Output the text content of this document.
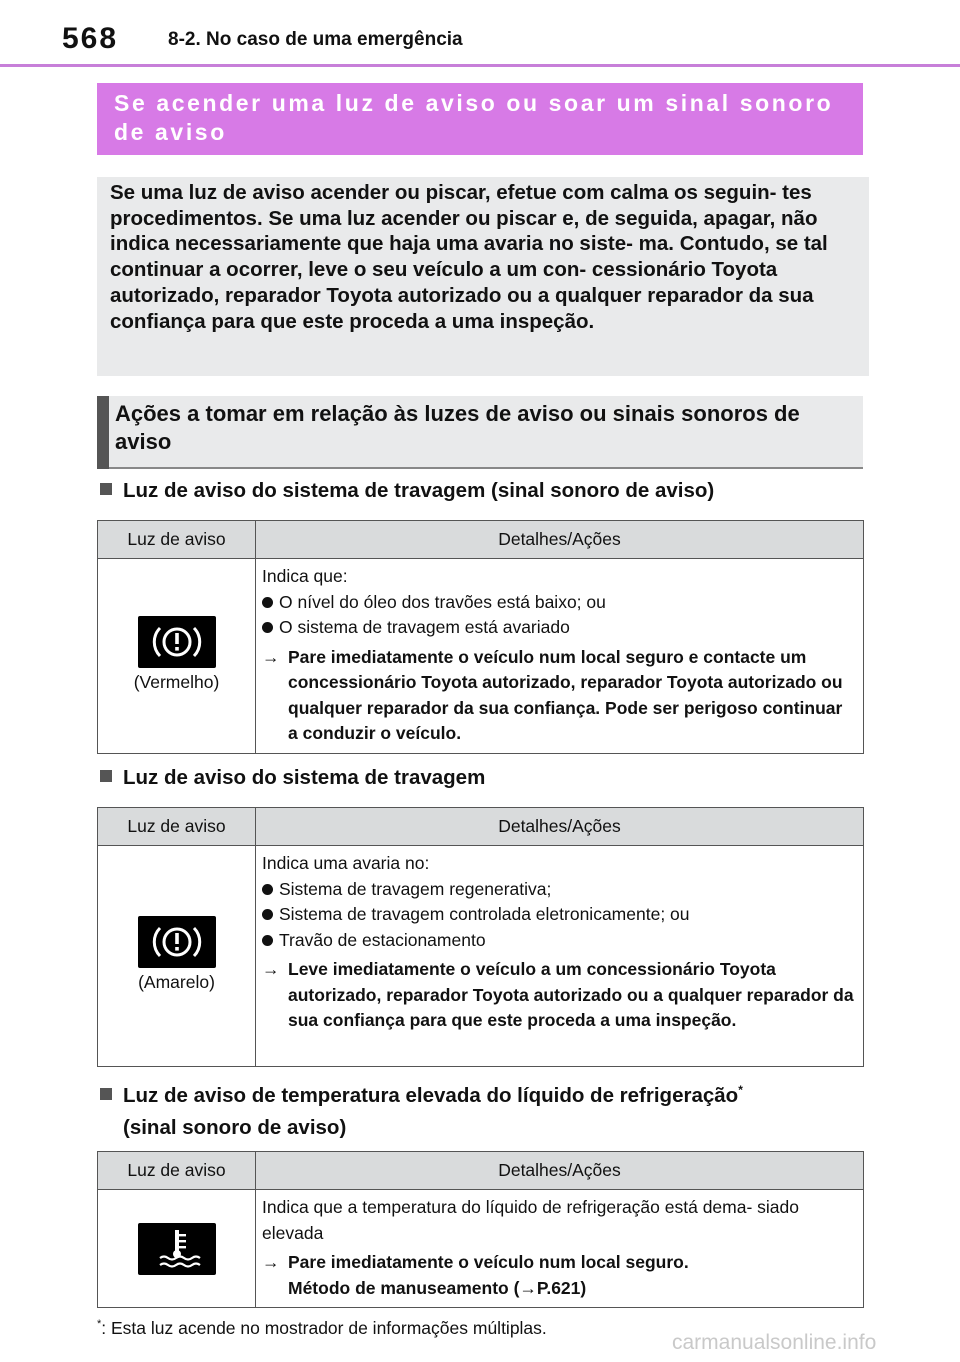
568	8-2. No caso de uma emergência
Se acender uma luz de aviso ou soar um sinal sonoro de aviso
Se uma luz de aviso acender ou piscar, efetue com calma os seguin- tes procedimentos. Se uma luz acender ou piscar e, de seguida, apagar, não indica necessariamente que haja uma avaria no siste- ma. Contudo, se tal continuar a ocorrer, leve o seu veículo a um con- cessionário Toyota autorizado, reparador Toyota autorizado ou a qualquer reparador da sua confiança para que este proceda a uma inspeção.
Ações a tomar em relação às luzes de aviso ou sinais sonoros de aviso
Luz de aviso do sistema de travagem (sinal sonoro de aviso)
Luz de aviso	Detalhes/Ações

(Vermelho)	Indica que:
O nível do óleo dos travões está baixo; ou
O sistema de travagem está avariado
→ Pare imediatamente o veículo num local seguro e contacte um concessionário Toyota autorizado, reparador Toyota autorizado ou qualquer reparador da sua confiança. Pode ser perigoso continuar a conduzir o veículo.
Luz de aviso do sistema de travagem
Luz de aviso	Detalhes/Ações

(Amarelo)	Indica uma avaria no:
Sistema de travagem regenerativa;
Sistema de travagem controlada eletronicamente; ou
Travão de estacionamento
→ Leve imediatamente o veículo a um concessionário Toyota autorizado, reparador Toyota autorizado ou a qualquer reparador da sua confiança para que este proceda a uma inspeção.
Luz de aviso de temperatura elevada do líquido de refrigeração*
(sinal sonoro de aviso)
Luz de aviso	Detalhes/Ações

Indica que a temperatura do líquido de refrigeração está dema- siado elevada
→ Pare imediatamente o veículo num local seguro.
Método de manuseamento (→P.621)
*: Esta luz acende no mostrador de informações múltiplas.
carmanualsonline.info
